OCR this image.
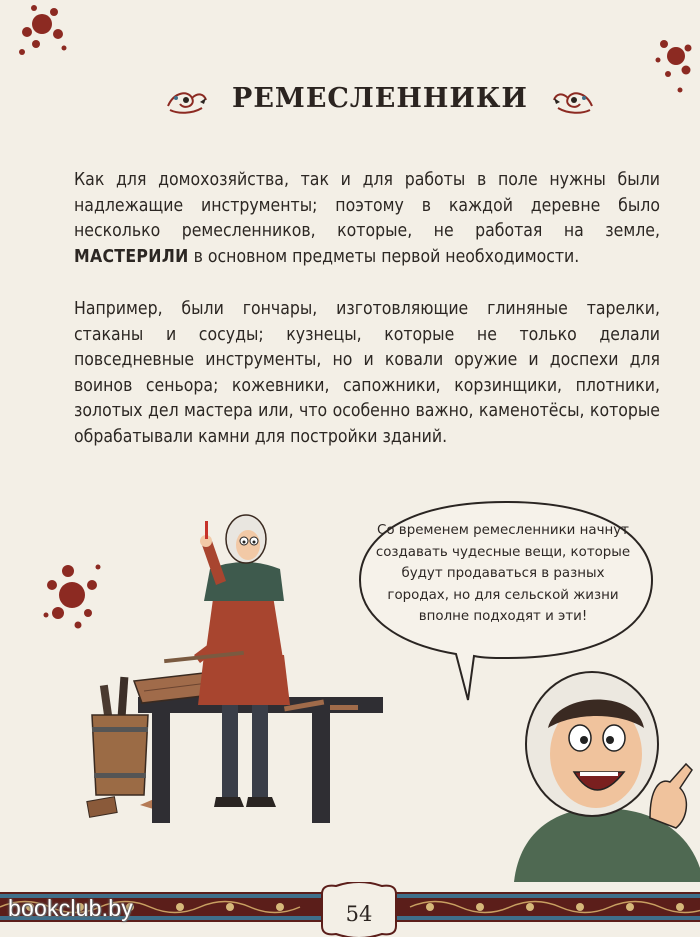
РЕМЕСЛЕННИКИ

Как для домохозяйства, так и для работы в поле нужны были надлежащие инструменты; поэтому в каждой деревне было несколько ремесленников, которые, не работая на земле, МАСТЕРИЛИ в основном предметы первой необходимости.

Например, были гончары, изготовляющие глиняные тарелки, стаканы и сосуды; кузнецы, которые не только делали повседневные инструменты, но и ковали оружие и доспехи для воинов сеньора; кожевники, сапожники, корзинщики, плотники, золотых дел мастера или, что особенно важно, каменотёсы, которые обрабатывали камни для постройки зданий.

Со временем ремесленники начнут создавать чудесные вещи, которые будут продаваться в разных городах, но для сельской жизни вполне подходят и эти!
54
bookclub.by
